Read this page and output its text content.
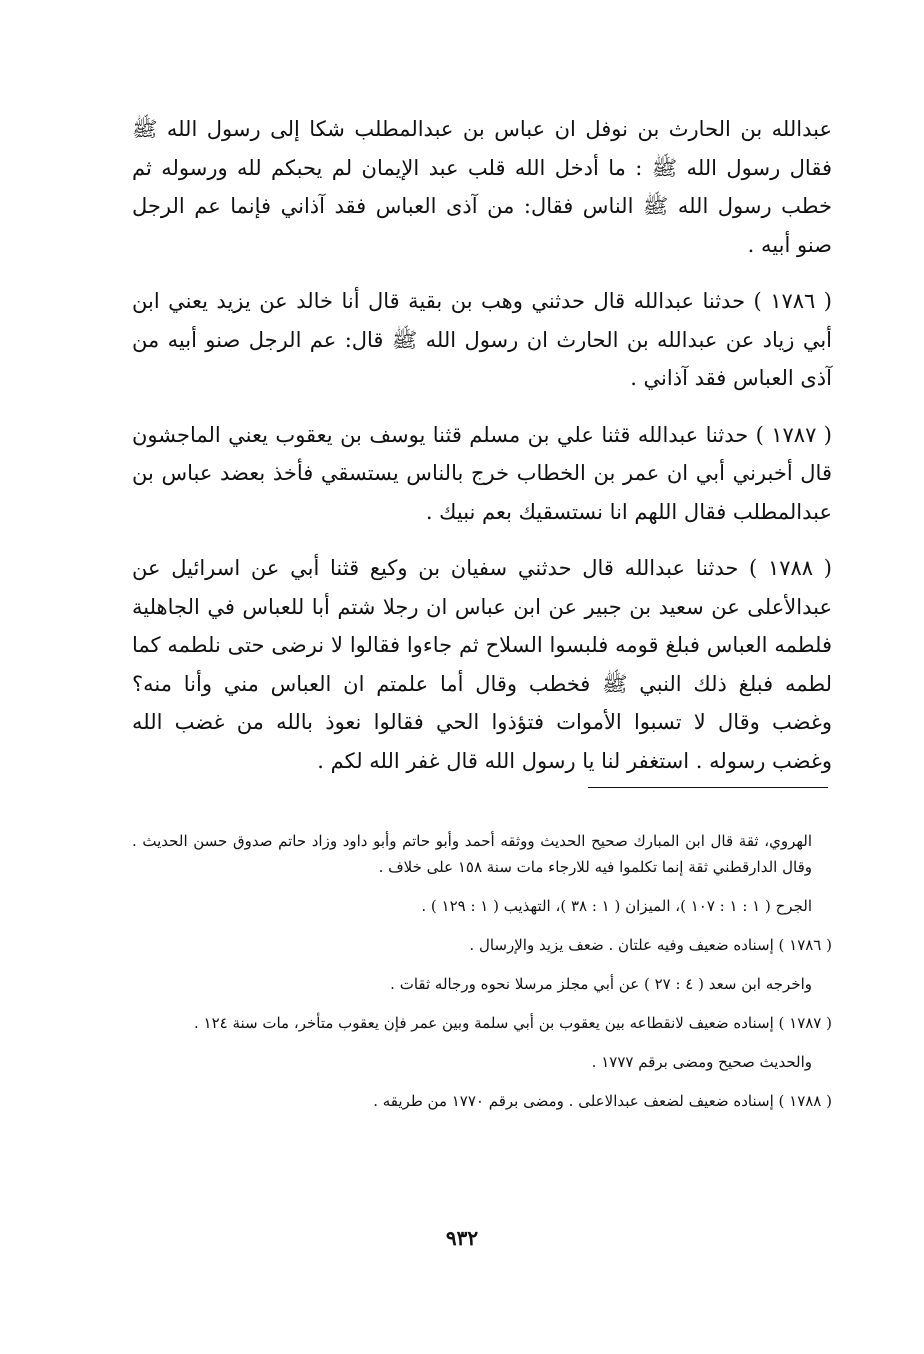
عبدالله بن الحارث بن نوفل ان عباس بن عبدالمطلب شكا إلى رسول الله ﷺ فقال رسول الله ﷺ : ما أدخل الله قلب عبد الإيمان لم يحبكم لله ورسوله ثم خطب رسول الله ﷺ الناس فقال: من آذى العباس فقد آذاني فإنما عم الرجل صنو أبيه .

( ١٧٨٦ ) حدثنا عبدالله قال حدثني وهب بن بقية قال أنا خالد عن يزيد يعني ابن أبي زياد عن عبدالله بن الحارث ان رسول الله ﷺ قال: عم الرجل صنو أبيه من آذى العباس فقد آذاني .

( ١٧٨٧ ) حدثنا عبدالله قثنا علي بن مسلم قثنا يوسف بن يعقوب يعني الماجشون قال أخبرني أبي ان عمر بن الخطاب خرج بالناس يستسقي فأخذ بعضد عباس بن عبدالمطلب فقال اللهم انا نستسقيك بعم نبيك .

( ١٧٨٨ ) حدثنا عبدالله قال حدثني سفيان بن وكيع قثنا أبي عن اسرائيل عن عبدالأعلى عن سعيد بن جبير عن ابن عباس ان رجلا شتم أبا للعباس في الجاهلية فلطمه العباس فبلغ قومه فلبسوا السلاح ثم جاءوا فقالوا لا نرضى حتى نلطمه كما لطمه فبلغ ذلك النبي ﷺ فخطب وقال أما علمتم ان العباس مني وأنا منه؟ وغضب وقال لا تسبوا الأموات فتؤذوا الحي فقالوا نعوذ بالله من غضب الله وغضب رسوله . استغفر لنا يا رسول الله قال غفر الله لكم .

الهروي، ثقة قال ابن المبارك صحيح الحديث ووثقه أحمد وأبو حاتم وأبو داود وزاد حاتم صدوق حسن الحديث . وقال الدارقطني ثقة إنما تكلموا فيه للارجاء مات سنة ١٥٨ على خلاف .

الجرح ( ١ : ١ : ١٠٧ )، الميزان ( ١ : ٣٨ )، التهذيب ( ١ : ١٢٩ ) .

( ١٧٨٦ ) إسناده ضعيف وفيه علتان . ضعف يزيد والإرسال .

واخرجه ابن سعد ( ٤ : ٢٧ ) عن أبي مجلز مرسلا نحوه ورجاله ثقات .

( ١٧٨٧ ) إسناده ضعيف لانقطاعه بين يعقوب بن أبي سلمة وبين عمر فإن يعقوب متأخر، مات سنة ١٢٤ .

والحديث صحيح ومضى برقم ١٧٧٧ .

( ١٧٨٨ ) إسناده ضعيف لضعف عبدالاعلى . ومضى برقم ١٧٧٠ من طريقه .

٩٣٢
